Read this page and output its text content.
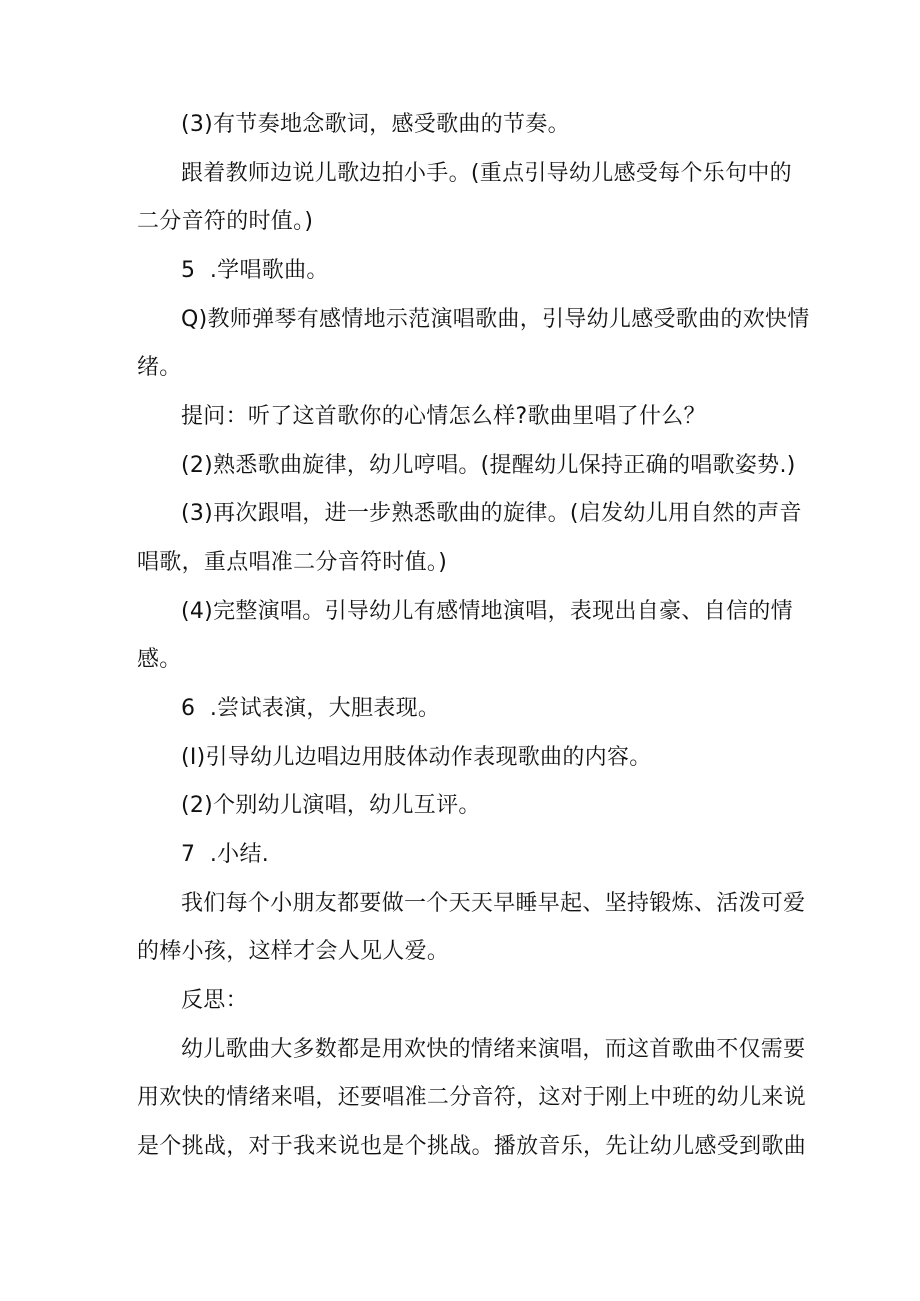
(3)有节奏地念歌词，感受歌曲的节奏。
跟着教师边说儿歌边拍小手。(重点引导幼儿感受每个乐句中的
二分音符的时值。)
5  .学唱歌曲。
Q)教师弹琴有感情地示范演唱歌曲，引导幼儿感受歌曲的欢快情
绪。
提问：听了这首歌你的心情怎么样?歌曲里唱了什么？
(2)熟悉歌曲旋律，幼儿哼唱。(提醒幼儿保持正确的唱歌姿势.)
(3)再次跟唱，进一步熟悉歌曲的旋律。(启发幼儿用自然的声音
唱歌，重点唱准二分音符时值。)
(4)完整演唱。引导幼儿有感情地演唱，表现出自豪、自信的情
感。
6  .尝试表演，大胆表现。
(I)引导幼儿边唱边用肢体动作表现歌曲的内容。
(2)个别幼儿演唱，幼儿互评。
7  .小结.
我们每个小朋友都要做一个天天早睡早起、坚持锻炼、活泼可爱
的棒小孩，这样才会人见人爱。
反思：
幼儿歌曲大多数都是用欢快的情绪来演唱，而这首歌曲不仅需要
用欢快的情绪来唱，还要唱准二分音符，这对于刚上中班的幼儿来说
是个挑战，对于我来说也是个挑战。播放音乐，先让幼儿感受到歌曲
